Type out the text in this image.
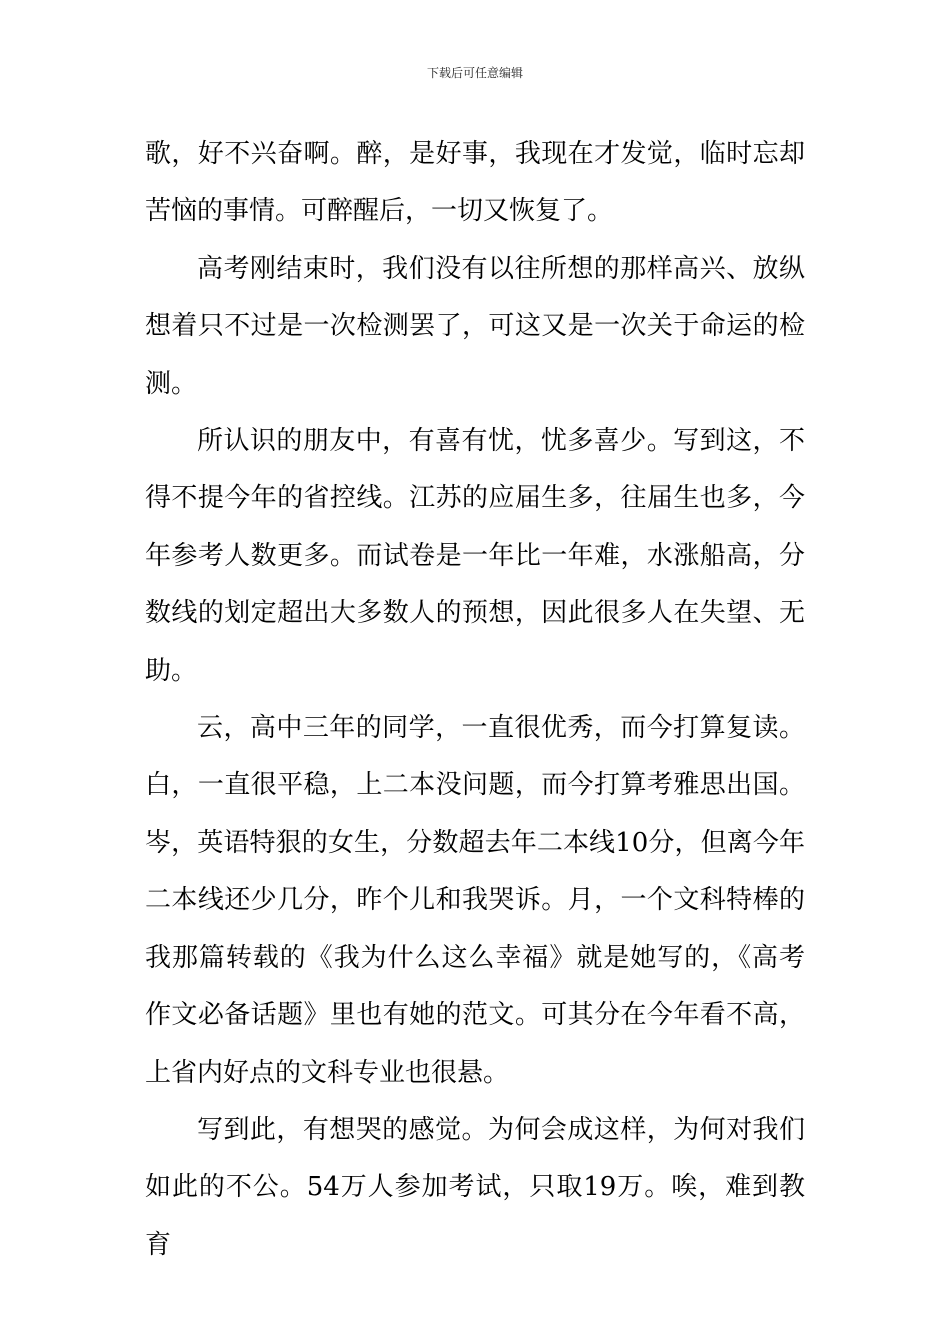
下载后可任意编辑

歌，好不兴奋啊。醉，是好事，我现在才发觉，临时忘却苦恼的事情。可醉醒后，一切又恢复了。

高考刚结束时，我们没有以往所想的那样高兴、放纵想着只不过是一次检测罢了，可这又是一次关于命运的检测。

所认识的朋友中，有喜有忧，忧多喜少。写到这，不得不提今年的省控线。江苏的应届生多，往届生也多，今年参考人数更多。而试卷是一年比一年难，水涨船高，分数线的划定超出大多数人的预想，因此很多人在失望、无助。

云，高中三年的同学，一直很优秀，而今打算复读。白，一直很平稳，上二本没问题，而今打算考雅思出国。岑，英语特狠的女生，分数超去年二本线10分，但离今年二本线还少几分，昨个儿和我哭诉。月，一个文科特棒的我那篇转载的《我为什么这么幸福》就是她写的，《高考作文必备话题》里也有她的范文。可其分在今年看不高，上省内好点的文科专业也很悬。

写到此，有想哭的感觉。为何会成这样，为何对我们如此的不公。54万人参加考试，只取19万。唉，难到教育
